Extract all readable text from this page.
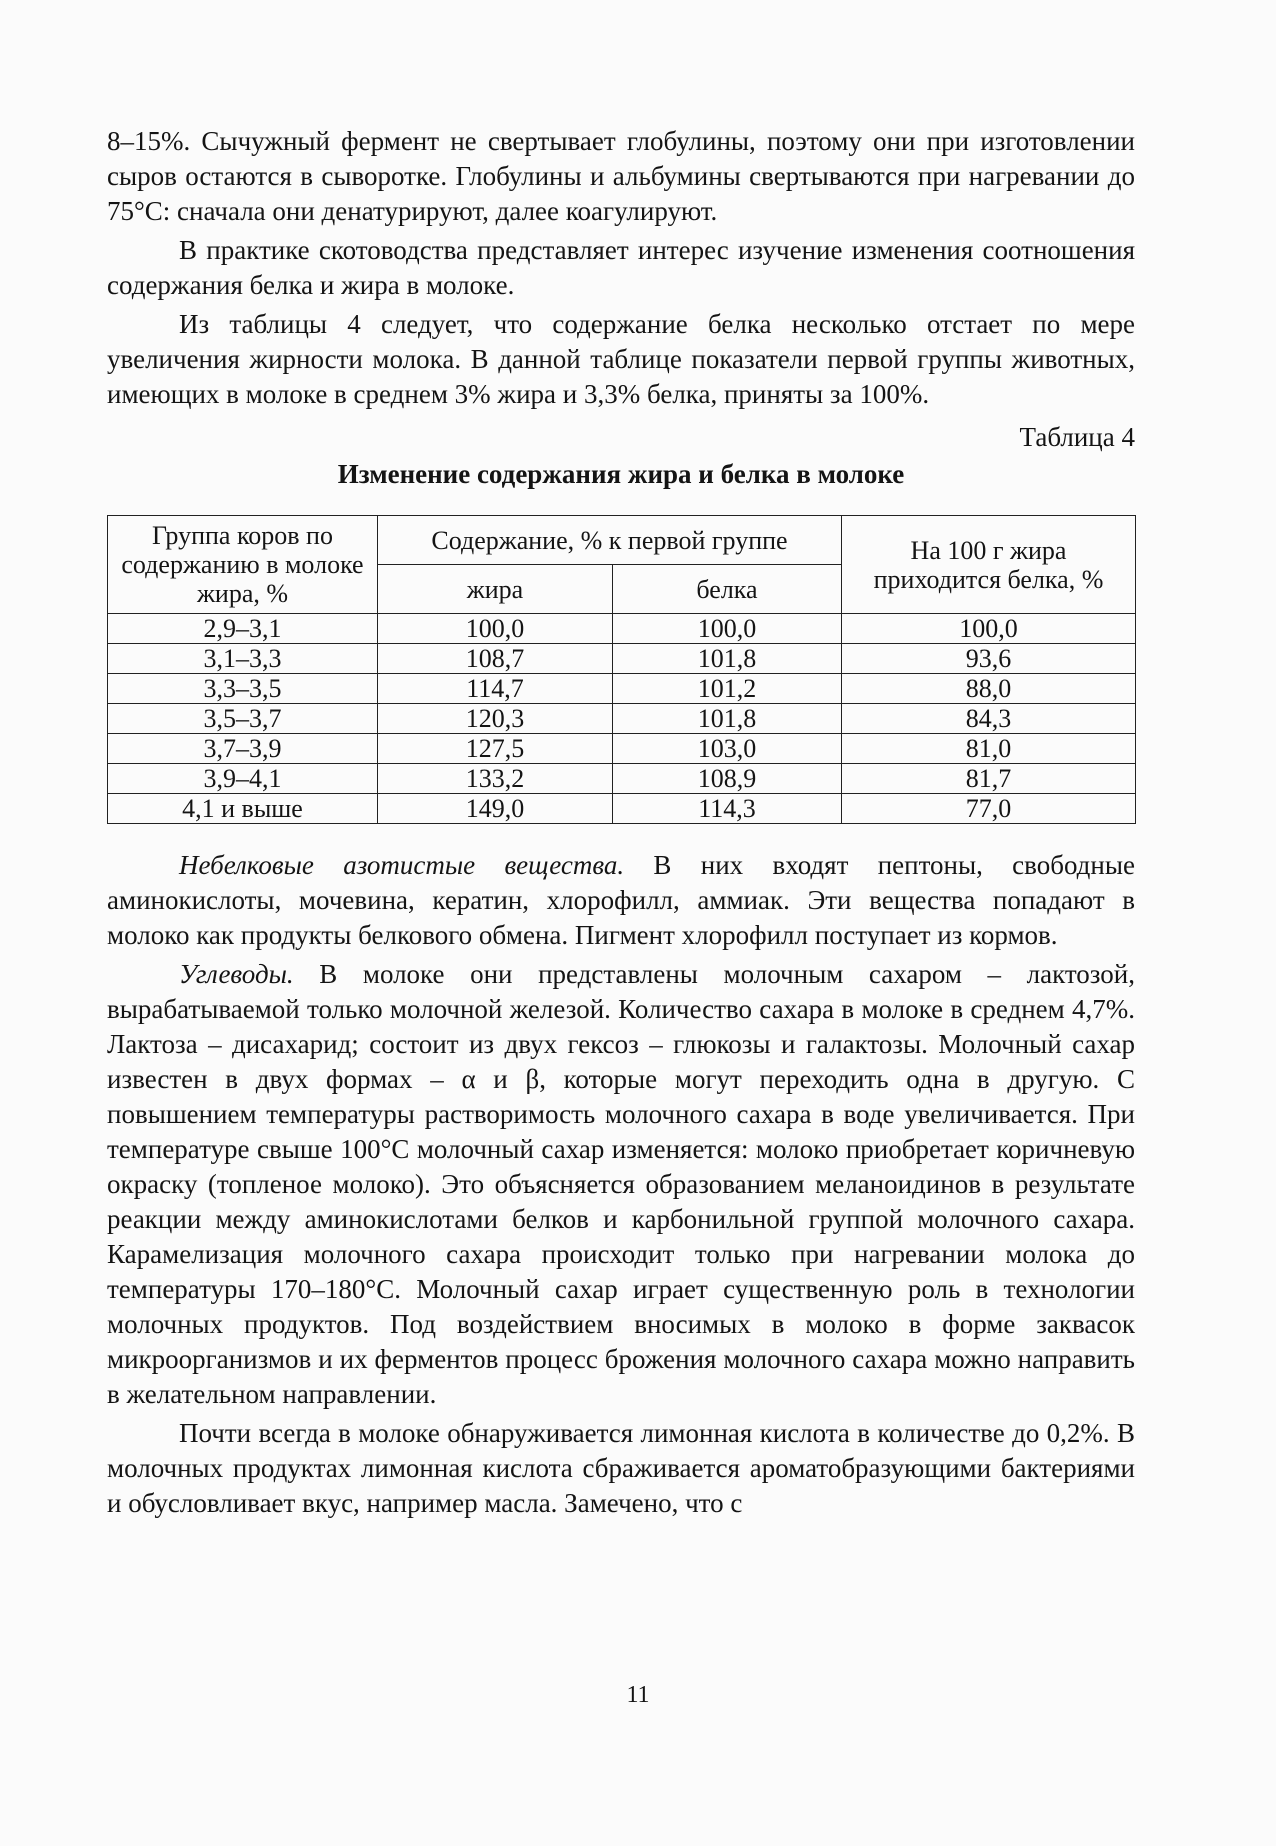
8–15%. Сычужный фермент не свертывает глобулины, поэтому они при изготовлении сыров остаются в сыворотке. Глобулины и альбумины свертываются при нагревании до 75°С: сначала они денатурируют, далее коагулируют.

В практике скотоводства представляет интерес изучение изменения соотношения содержания белка и жира в молоке.

Из таблицы 4 следует, что содержание белка несколько отстает по мере увеличения жирности молока. В данной таблице показатели первой группы животных, имеющих в молоке в среднем 3% жира и 3,3% белка, приняты за 100%.

Таблица 4
Изменение содержания жира и белка в молоке
Группа коров по содержанию в молоке жира, %	Содержание, % к первой группе		На 100 г жира приходится белка, %
	жира	белка	
2,9–3,1	100,0	100,0	100,0
3,1–3,3	108,7	101,8	93,6
3,3–3,5	114,7	101,2	88,0
3,5–3,7	120,3	101,8	84,3
3,7–3,9	127,5	103,0	81,0
3,9–4,1	133,2	108,9	81,7
4,1 и выше	149,0	114,3	77,0

Небелковые азотистые вещества. В них входят пептоны, свободные аминокислоты, мочевина, кератин, хлорофилл, аммиак. Эти вещества попадают в молоко как продукты белкового обмена. Пигмент хлорофилл поступает из кормов.

Углеводы. В молоке они представлены молочным сахаром – лактозой, вырабатываемой только молочной железой. Количество сахара в молоке в среднем 4,7%. Лактоза – дисахарид; состоит из двух гексоз – глюкозы и галактозы. Молочный сахар известен в двух формах – α и β, которые могут переходить одна в другую. С повышением температуры растворимость молочного сахара в воде увеличивается. При температуре свыше 100°С молочный сахар изменяется: молоко приобретает коричневую окраску (топленое молоко). Это объясняется образованием меланоидинов в результате реакции между аминокислотами белков и карбонильной группой молочного сахара. Карамелизация молочного сахара происходит только при нагревании молока до температуры 170–180°С. Молочный сахар играет существенную роль в технологии молочных продуктов. Под воздействием вносимых в молоко в форме заквасок микроорганизмов и их ферментов процесс брожения молочного сахара можно направить в желательном направлении.

Почти всегда в молоке обнаруживается лимонная кислота в количестве до 0,2%. В молочных продуктах лимонная кислота сбраживается ароматобразующими бактериями и обусловливает вкус, например масла. Замечено, что с

11
